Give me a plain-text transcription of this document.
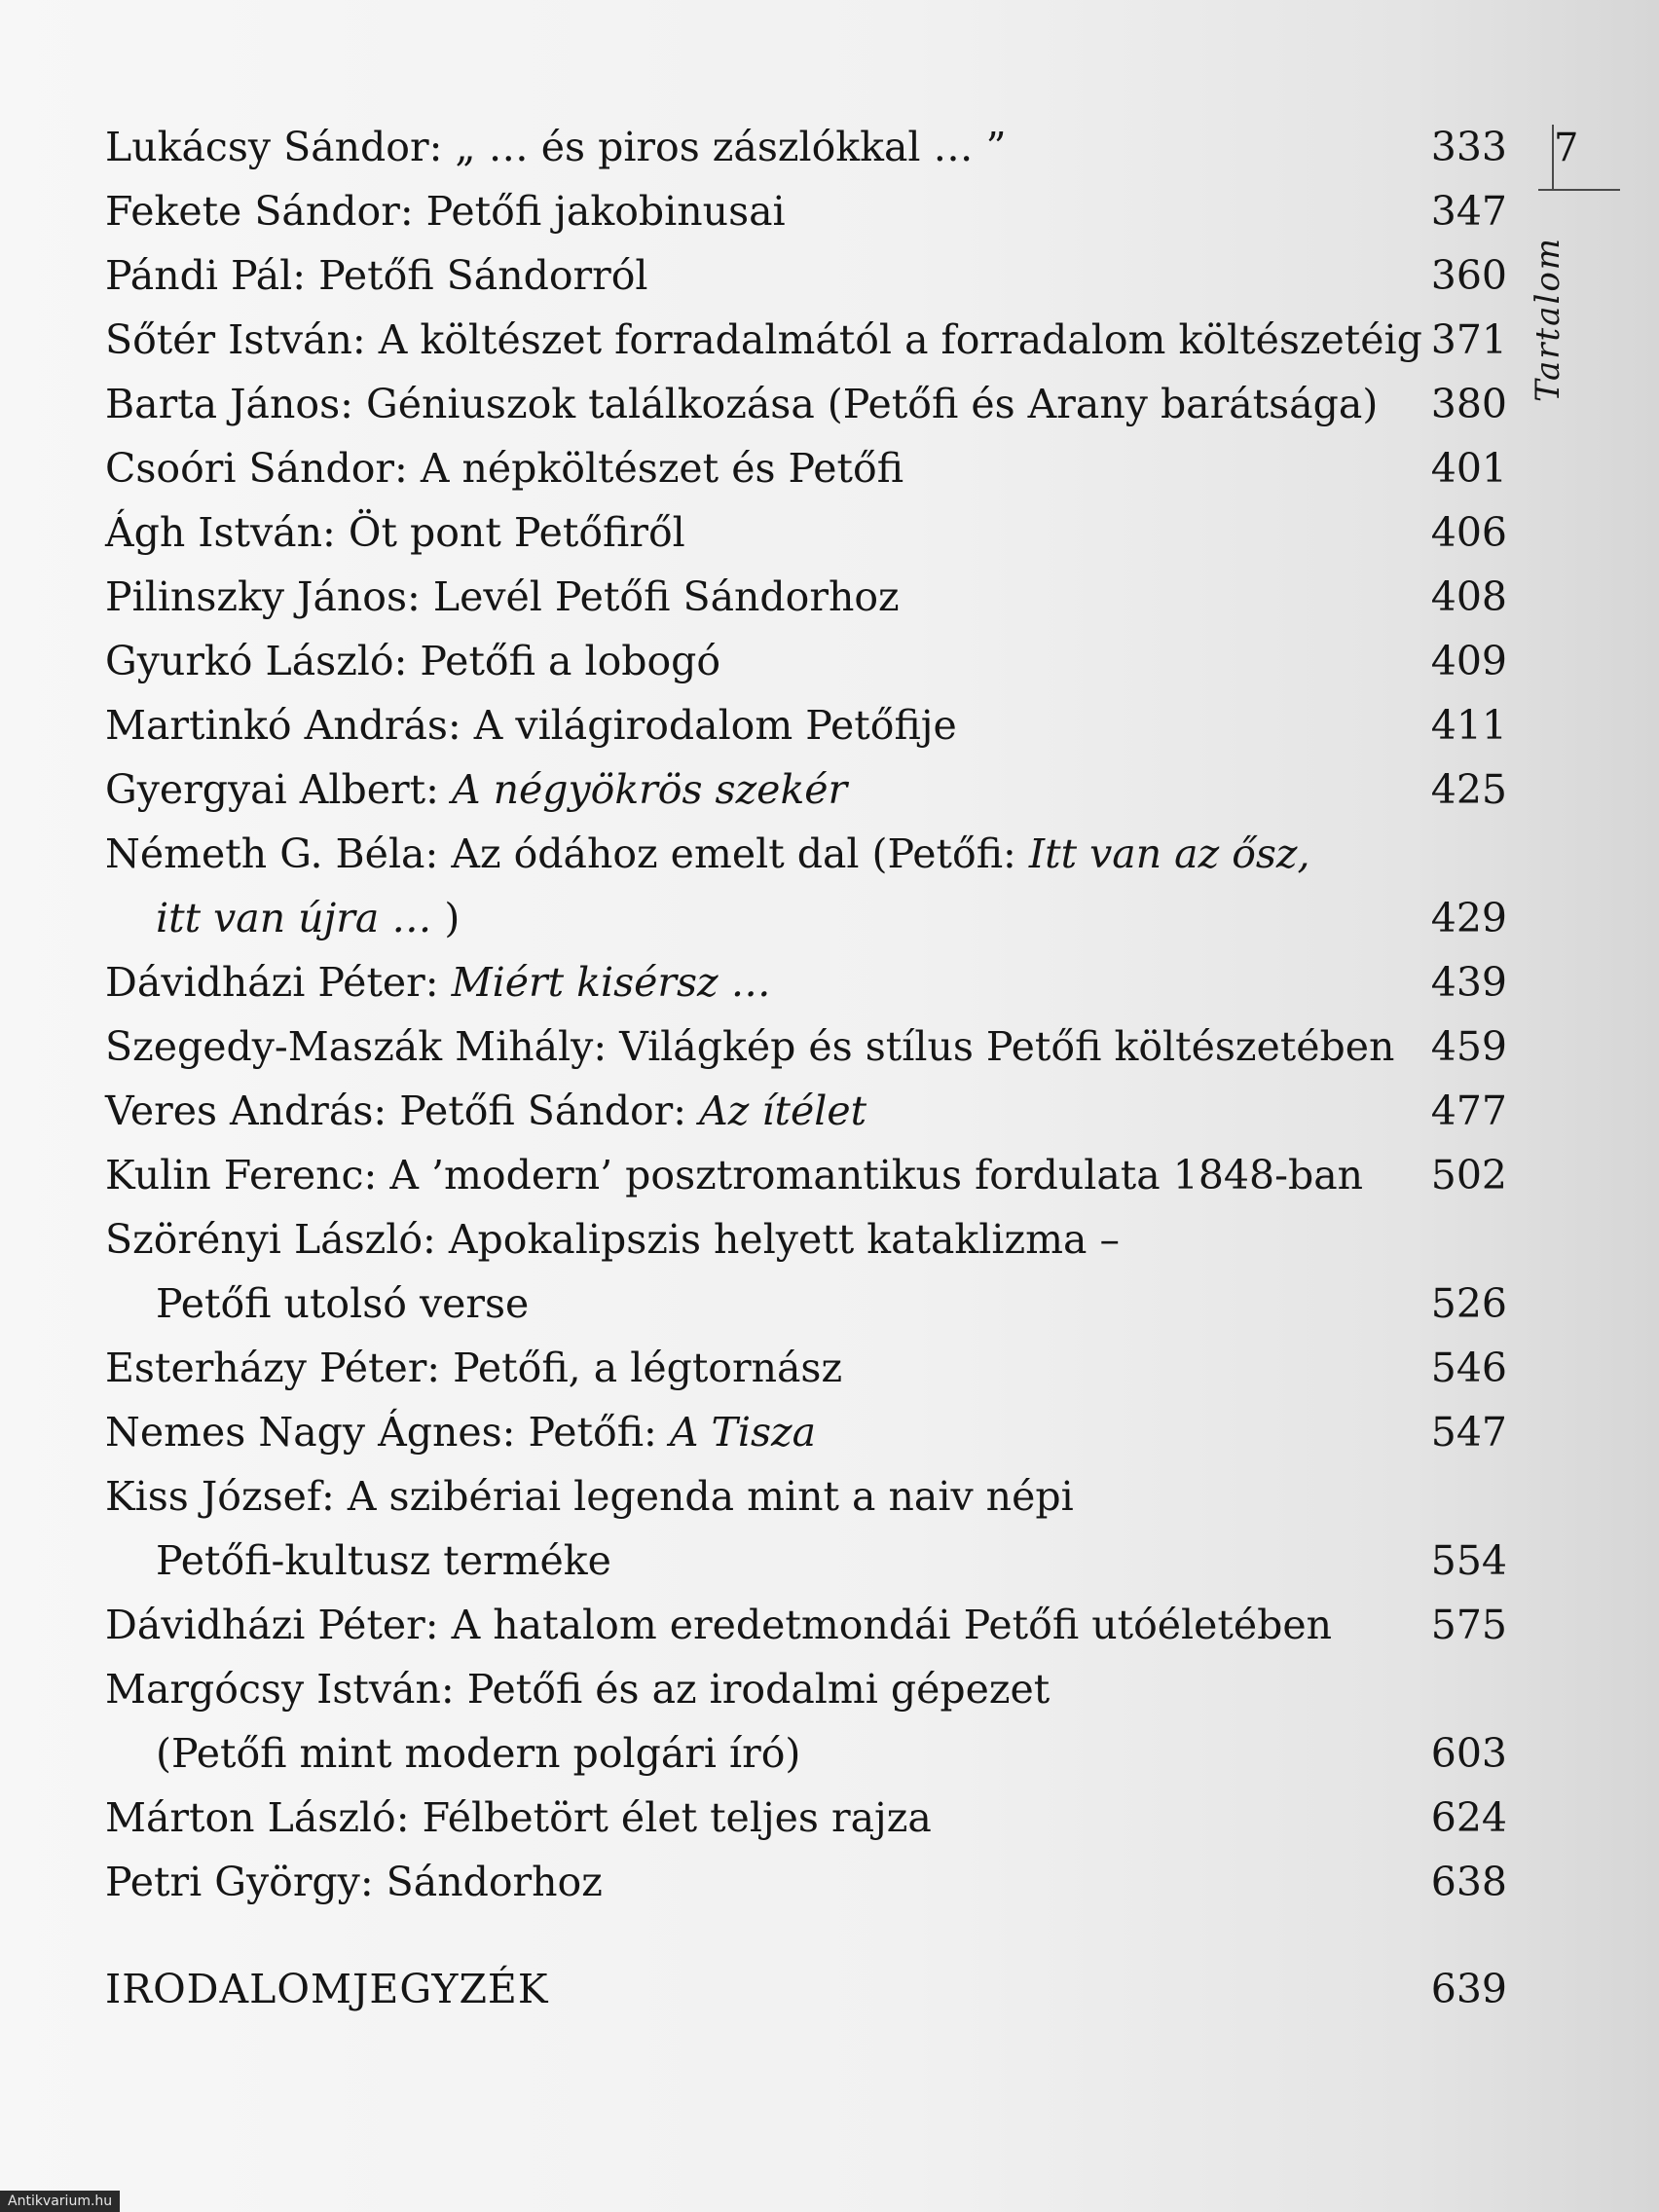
Lukácsy Sándor: „ … és piros zászlókkal … ”	333
Fekete Sándor: Petőfi jakobinusai	347
Pándi Pál: Petőfi Sándorról	360
Sőtér István: A költészet forradalmától a forradalom költészetéig 371
Barta János: Géniuszok találkozása (Petőfi és Arany barátsága)	380
Csoóri Sándor: A népköltészet és Petőfi	401
Ágh István: Öt pont Petőfiről	406
Pilinszky János: Levél Petőfi Sándorhoz	408
Gyurkó László: Petőfi a lobogó	409
Martinkó András: A világirodalom Petőfije	411
Gyergyai Albert: A négyökrös szekér	425
Németh G. Béla: Az ódához emelt dal (Petőfi: Itt van az ősz,
itt van újra … )	429
Dávidházi Péter: Miért kisérsz …	439
Szegedy-Maszák Mihály: Világkép és stílus Petőfi költészetében 459
Veres András: Petőfi Sándor: Az ítélet	477
Kulin Ferenc: A ’modern’ posztromantikus fordulata 1848-ban	502
Szörényi László: Apokalipszis helyett kataklizma –
Petőfi utolsó verse	526
Esterházy Péter: Petőfi, a légtornász	546
Nemes Nagy Ágnes: Petőfi: A Tisza	547
Kiss József: A szibériai legenda mint a naiv népi
Petőfi-kultusz terméke	554
Dávidházi Péter: A hatalom eredetmondái Petőfi utóéletében	575
Margócsy István: Petőfi és az irodalmi gépezet
(Petőfi mint modern polgári író)	603
Márton László: Félbetört élet teljes rajza	624
Petri György: Sándorhoz	638
IRODALOMJEGYZÉK	639
7
Tartalom
Antikvarium.hu
